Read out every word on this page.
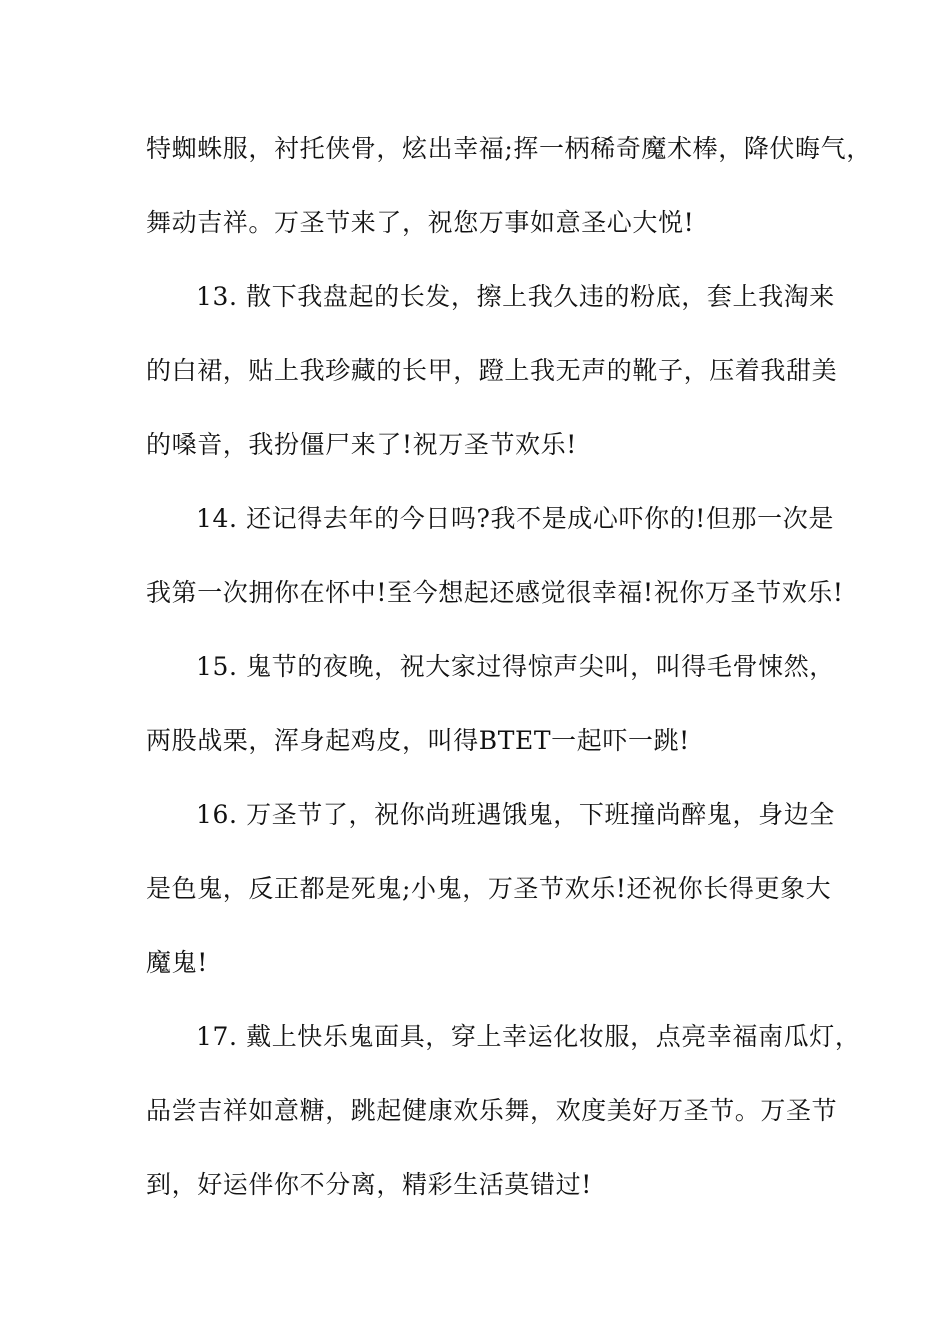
特蜘蛛服，衬托侠骨，炫出幸福;挥一柄稀奇魔术棒，降伏晦气，
舞动吉祥。万圣节来了，祝您万事如意圣心大悦!
13. 散下我盘起的长发，擦上我久违的粉底，套上我淘来
的白裙，贴上我珍藏的长甲，蹬上我无声的靴子，压着我甜美
的嗓音，我扮僵尸来了!祝万圣节欢乐!
14. 还记得去年的今日吗?我不是成心吓你的!但那一次是
我第一次拥你在怀中!至今想起还感觉很幸福!祝你万圣节欢乐!
15. 鬼节的夜晚，祝大家过得惊声尖叫，叫得毛骨悚然，
两股战栗，浑身起鸡皮，叫得BTET一起吓一跳!
16. 万圣节了，祝你尚班遇饿鬼，下班撞尚醉鬼，身边全
是色鬼，反正都是死鬼;小鬼，万圣节欢乐!还祝你长得更象大
魔鬼!
17. 戴上快乐鬼面具，穿上幸运化妆服，点亮幸福南瓜灯，
品尝吉祥如意糖，跳起健康欢乐舞，欢度美好万圣节。万圣节
到，好运伴你不分离，精彩生活莫错过!
